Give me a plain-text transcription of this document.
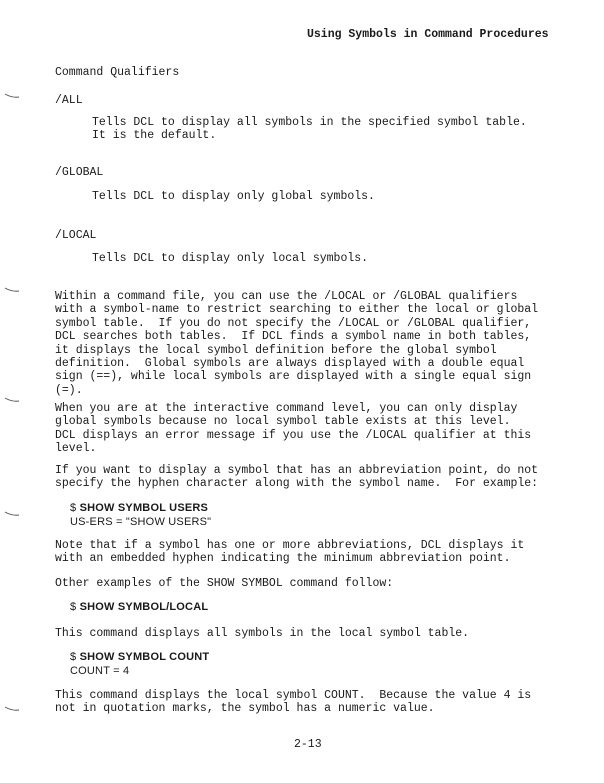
Using Symbols in Command Procedures
Command Qualifiers
/ALL
Tells DCL to display all symbols in the specified symbol table.
It is the default.
/GLOBAL
Tells DCL to display only global symbols.
/LOCAL
Tells DCL to display only local symbols.
Within a command file, you can use the /LOCAL or /GLOBAL qualifiers
with a symbol-name to restrict searching to either the local or global
symbol table.  If you do not specify the /LOCAL or /GLOBAL qualifier,
DCL searches both tables.  If DCL finds a symbol name in both tables,
it displays the local symbol definition before the global symbol
definition.  Global symbols are always displayed with a double equal
sign (==), while local symbols are displayed with a single equal sign
(=).
When you are at the interactive command level, you can only display
global symbols because no local symbol table exists at this level.
DCL displays an error message if you use the /LOCAL qualifier at this
level.
If you want to display a symbol that has an abbreviation point, do not
specify the hyphen character along with the symbol name.  For example:
$ SHOW SYMBOL USERS
US-ERS = "SHOW USERS"
Note that if a symbol has one or more abbreviations, DCL displays it
with an embedded hyphen indicating the minimum abbreviation point.
Other examples of the SHOW SYMBOL command follow:
$ SHOW SYMBOL/LOCAL
This command displays all symbols in the local symbol table.
$ SHOW SYMBOL COUNT
COUNT = 4
This command displays the local symbol COUNT.  Because the value 4 is
not in quotation marks, the symbol has a numeric value.
2-13
